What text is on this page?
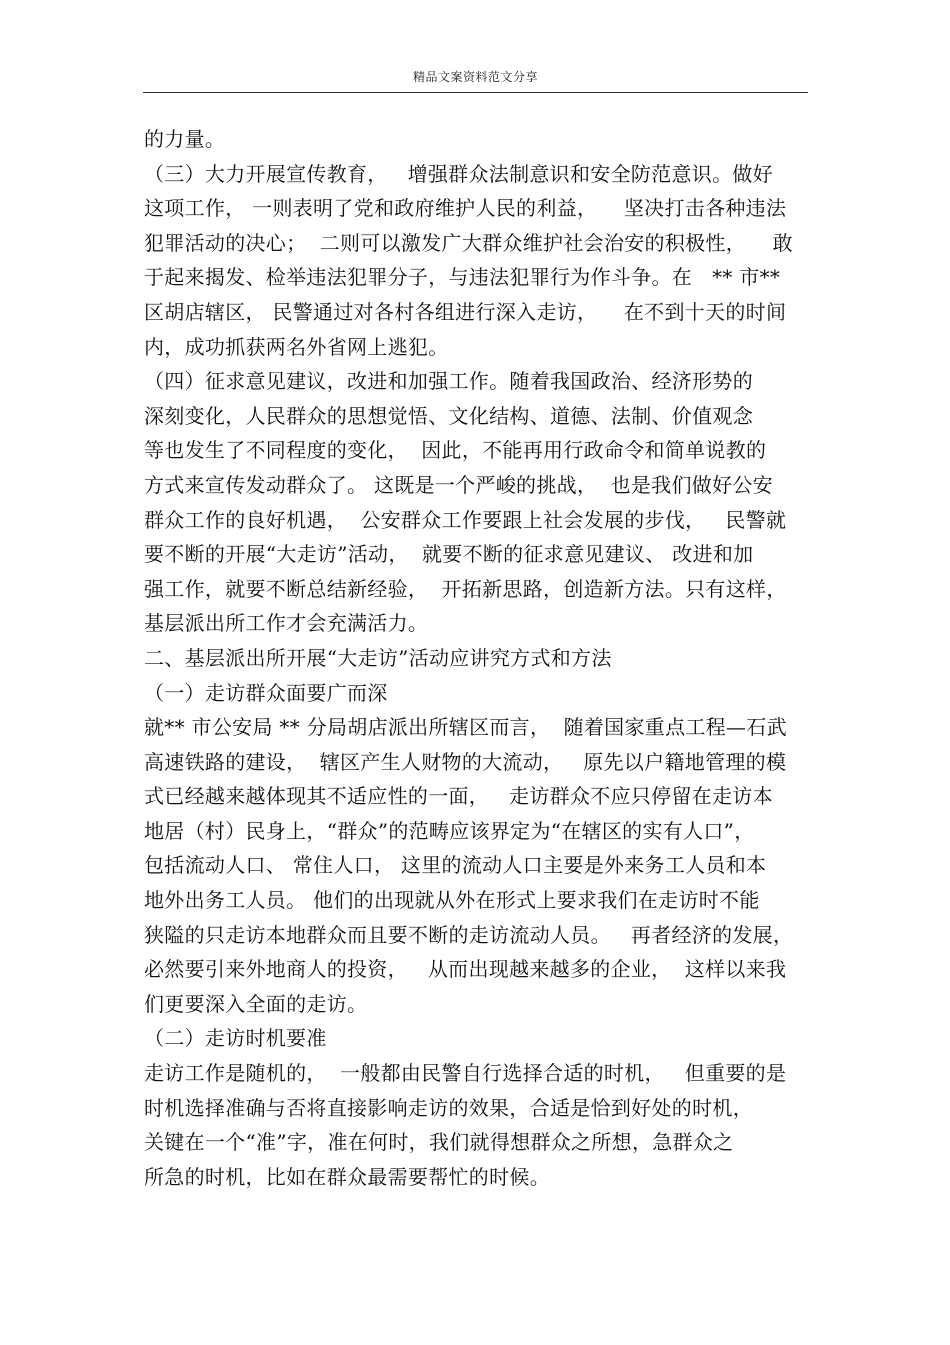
精品文案资料范文分享

的力量。

（三）大力开展宣传教育，   增强群众法制意识和安全防范意识。做好

这项工作， 一则表明了党和政府维护人民的利益，    坚决打击各种违法

犯罪活动的决心；  二则可以激发广大群众维护社会治安的积极性，    敢

于起来揭发、检举违法犯罪分子，与违法犯罪行为作斗争。在   ** 市**

区胡店辖区， 民警通过对各村各组进行深入走访，    在不到十天的时间

内，成功抓获两名外省网上逃犯。

（四）征求意见建议，改进和加强工作。随着我国政治、经济形势的

深刻变化，人民群众的思想觉悟、文化结构、道德、法制、价值观念

等也发生了不同程度的变化，  因此，不能再用行政命令和简单说教的

方式来宣传发动群众了。 这既是一个严峻的挑战，  也是我们做好公安

群众工作的良好机遇，  公安群众工作要跟上社会发展的步伐，   民警就

要不断的开展“大走访”活动，  就要不断的征求意见建议、 改进和加

强工作，就要不断总结新经验，  开拓新思路，创造新方法。只有这样，

基层派出所工作才会充满活力。

二、基层派出所开展“大走访”活动应讲究方式和方法

（一）走访群众面要广而深

就** 市公安局 ** 分局胡店派出所辖区而言，  随着国家重点工程—石武

高速铁路的建设，  辖区产生人财物的大流动，   原先以户籍地管理的模

式已经越来越体现其不适应性的一面，   走访群众不应只停留在走访本

地居（村）民身上，“群众”的范畴应该界定为“在辖区的实有人口”，

包括流动人口、 常住人口， 这里的流动人口主要是外来务工人员和本

地外出务工人员。 他们的出现就从外在形式上要求我们在走访时不能

狭隘的只走访本地群众而且要不断的走访流动人员。   再者经济的发展，

必然要引来外地商人的投资，   从而出现越来越多的企业，  这样以来我

们更要深入全面的走访。

（二）走访时机要准

走访工作是随机的，  一般都由民警自行选择合适的时机，   但重要的是

时机选择准确与否将直接影响走访的效果，合适是恰到好处的时机，

关键在一个“准”字，准在何时，我们就得想群众之所想，急群众之

所急的时机，比如在群众最需要帮忙的时候。
